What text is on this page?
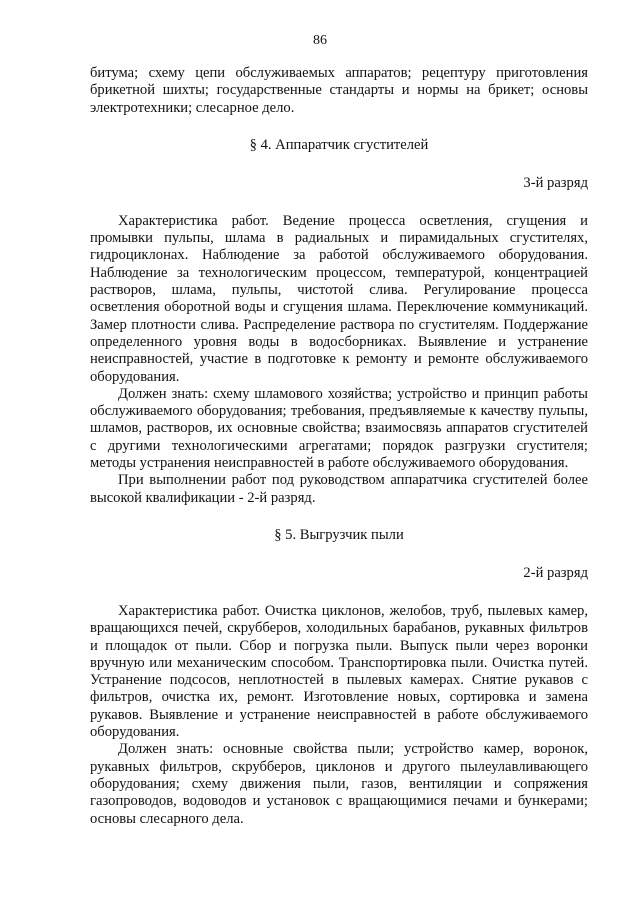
86

битума; схему цепи обслуживаемых аппаратов; рецептуру приготовления брикетной шихты; государственные стандарты и нормы на брикет; основы электротехники; слесарное дело.

§ 4. Аппаратчик сгустителей

3-й разряд

Характеристика работ. Ведение процесса осветления, сгущения и промывки пульпы, шлама в радиальных и пирамидальных сгустителях, гидроциклонах. Наблюдение за работой обслуживаемого оборудования. Наблюдение за технологическим процессом, температурой, концентрацией растворов, шлама, пульпы, чистотой слива. Регулирование процесса осветления оборотной воды и сгущения шлама. Переключение коммуникаций. Замер плотности слива. Распределение раствора по сгустителям. Поддержание определенного уровня воды в водосборниках. Выявление и устранение неисправностей, участие в подготовке к ремонту и ремонте обслуживаемого оборудования.

Должен знать: схему шламового хозяйства; устройство и принцип работы обслуживаемого оборудования; требования, предъявляемые к качеству пульпы, шламов, растворов, их основные свойства; взаимосвязь аппаратов сгустителей с другими технологическими агрегатами; порядок разгрузки сгустителя; методы устранения неисправностей в работе обслуживаемого оборудования.

При выполнении работ под руководством аппаратчика сгустителей более высокой квалификации - 2-й разряд.

§ 5. Выгрузчик пыли

2-й разряд

Характеристика работ. Очистка циклонов, желобов, труб, пылевых камер, вращающихся печей, скрубберов, холодильных барабанов, рукавных фильтров и площадок от пыли. Сбор и погрузка пыли. Выпуск пыли через воронки вручную или механическим способом. Транспортировка пыли. Очистка путей. Устранение подсосов, неплотностей в пылевых камерах. Снятие рукавов с фильтров, очистка их, ремонт. Изготовление новых, сортировка и замена рукавов. Выявление и устранение неисправностей в работе обслуживаемого оборудования.

Должен знать: основные свойства пыли; устройство камер, воронок, рукавных фильтров, скрубберов, циклонов и другого пылеулавливающего оборудования; схему движения пыли, газов, вентиляции и сопряжения газопроводов, водоводов и установок с вращающимися печами и бункерами; основы слесарного дела.
